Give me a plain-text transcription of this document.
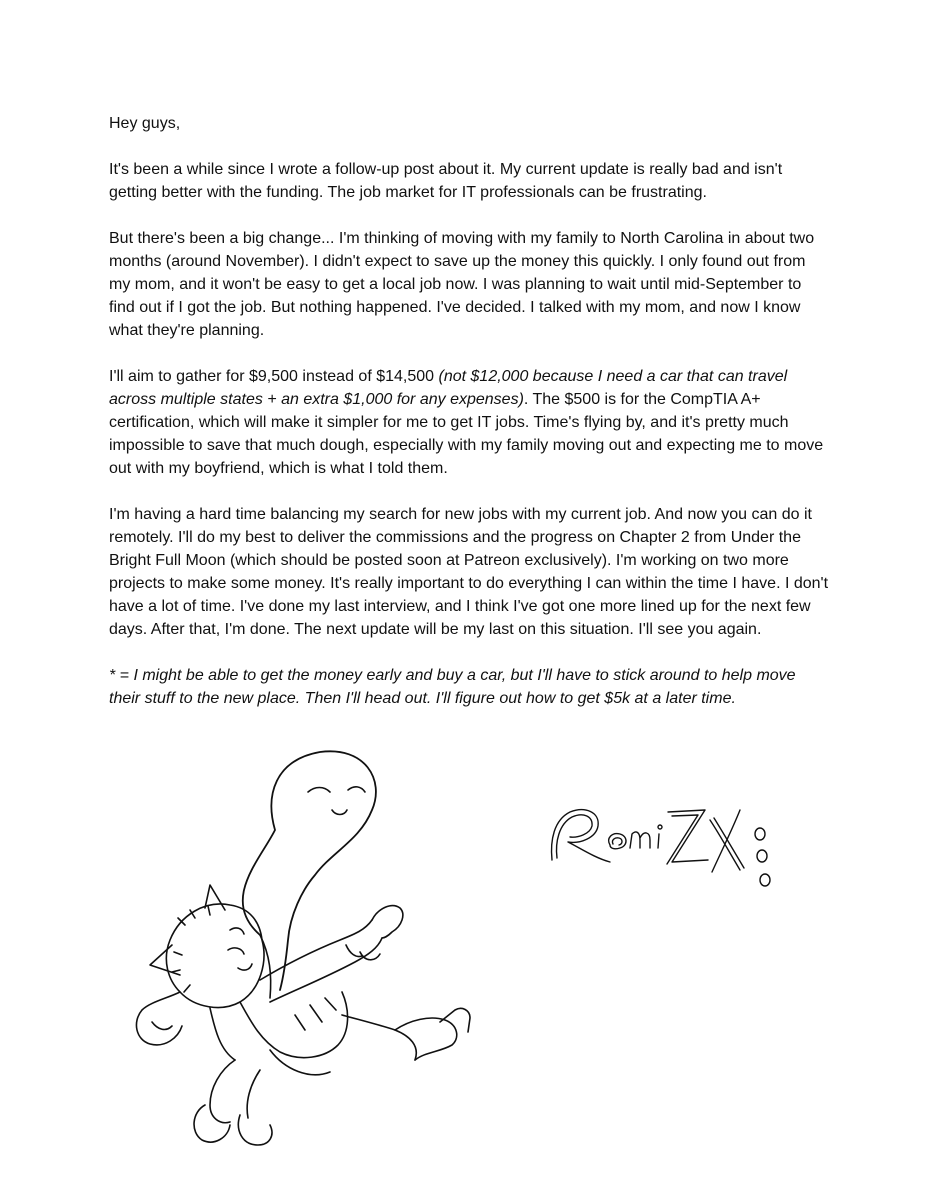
Hey guys,

It's been a while since I wrote a follow-up post about it. My current update is really bad and isn't getting better with the funding. The job market for IT professionals can be frustrating.

But there's been a big change... I'm thinking of moving with my family to North Carolina in about two months (around November). I didn't expect to save up the money this quickly. I only found out from my mom, and it won't be easy to get a local job now. I was planning to wait until mid-September to find out if I got the job. But nothing happened. I've decided. I talked with my mom, and now I know what they're planning.

I'll aim to gather for $9,500 instead of $14,500 (not $12,000 because I need a car that can travel across multiple states + an extra $1,000 for any expenses). The $500 is for the CompTIA A+ certification, which will make it simpler for me to get IT jobs. Time's flying by, and it's pretty much impossible to save that much dough, especially with my family moving out and expecting me to move out with my boyfriend, which is what I told them.

I'm having a hard time balancing my search for new jobs with my current job. And now you can do it remotely. I'll do my best to deliver the commissions and the progress on Chapter 2 from Under the Bright Full Moon (which should be posted soon at Patreon exclusively). I'm working on two more projects to make some money. It's really important to do everything I can within the time I have. I don't have a lot of time. I've done my last interview, and I think I've got one more lined up for the next few days. After that, I'm done. The next update will be my last on this situation. I'll see you again.

* = I might be able to get the money early and buy a car, but I'll have to stick around to help move their stuff to the new place. Then I'll head out. I'll figure out how to get $5k at a later time.
